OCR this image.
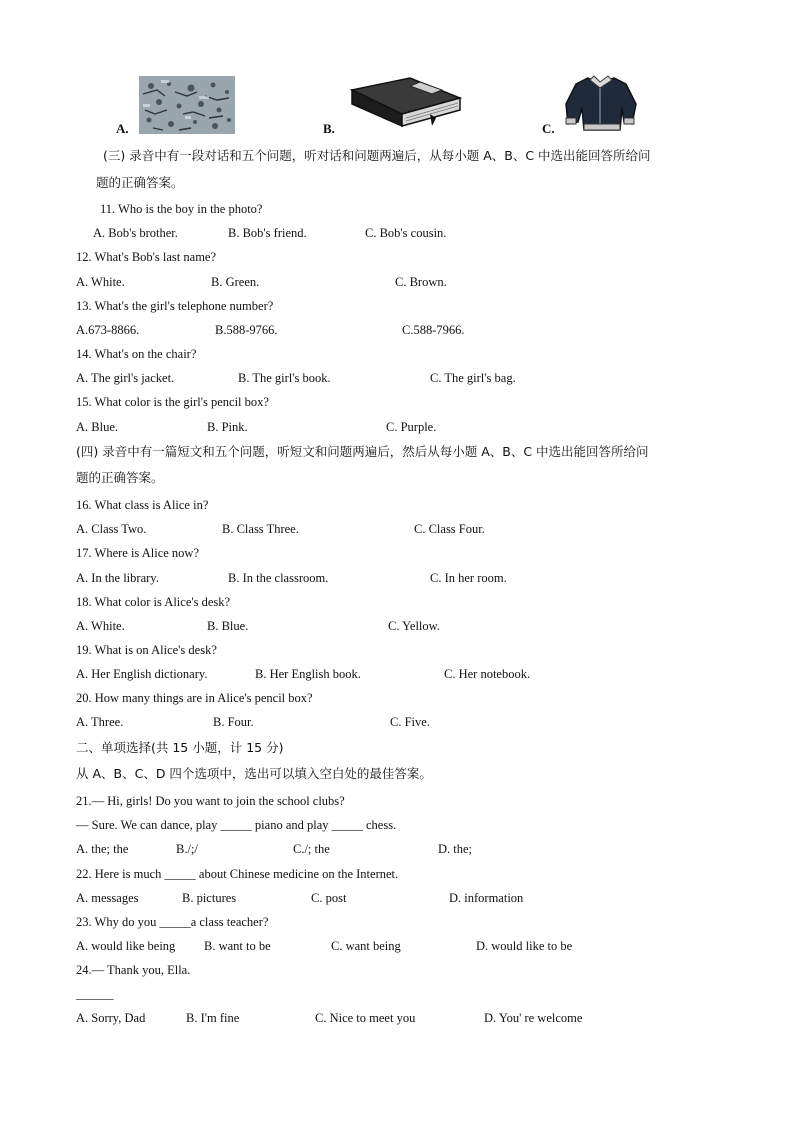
A.	B.	C.
(三) 录音中有一段对话和五个问题，听对话和问题两遍后，从每小题 A、B、C 中选出能回答所给问
题的正确答案。
11. Who is the boy in the photo?
A. Bob's brother.	B. Bob's friend.	C. Bob's cousin.
12. What's Bob's last name?
A. White.	B. Green.	C. Brown.
13. What's the girl's telephone number?
A.673-8866.	B.588-9766.	C.588-7966.
14. What's on the chair?
A. The girl's jacket.	B. The girl's book.	C. The girl's bag.
15. What color is the girl's pencil box?
A. Blue.	B. Pink.	C. Purple.
(四) 录音中有一篇短文和五个问题，听短文和问题两遍后，然后从每小题 A、B、C 中选出能回答所给问
题的正确答案。
16. What class is Alice in?
A. Class Two.	B. Class Three.	C. Class Four.
17. Where is Alice now?
A. In the library.	B. In the classroom.	C. In her room.
18. What color is Alice's desk?
A. White.	B. Blue.	C. Yellow.
19. What is on Alice's desk?
A. Her English dictionary.	B. Her English book.	C. Her notebook.
20. How many things are in Alice's pencil box?
A. Three.	B. Four.	C. Five.
二、单项选择(共 15 小题，计 15 分)
从 A、B、C、D 四个选项中，选出可以填入空白处的最佳答案。
21.— Hi, girls! Do you want to join the school clubs?
— Sure. We can dance, play _____ piano and play _____ chess.
A. the; the	B./;/	C./; the	D. the;
22. Here is much _____ about Chinese medicine on the Internet.
A. messages	B. pictures	C. post	D. information
23. Why do you _____a class teacher?
A. would like being B. want to be	C. want being	D. would like to be
24.— Thank you, Ella.
______
A. Sorry, Dad	B. I'm fine	C. Nice to meet you	D. You' re welcome
